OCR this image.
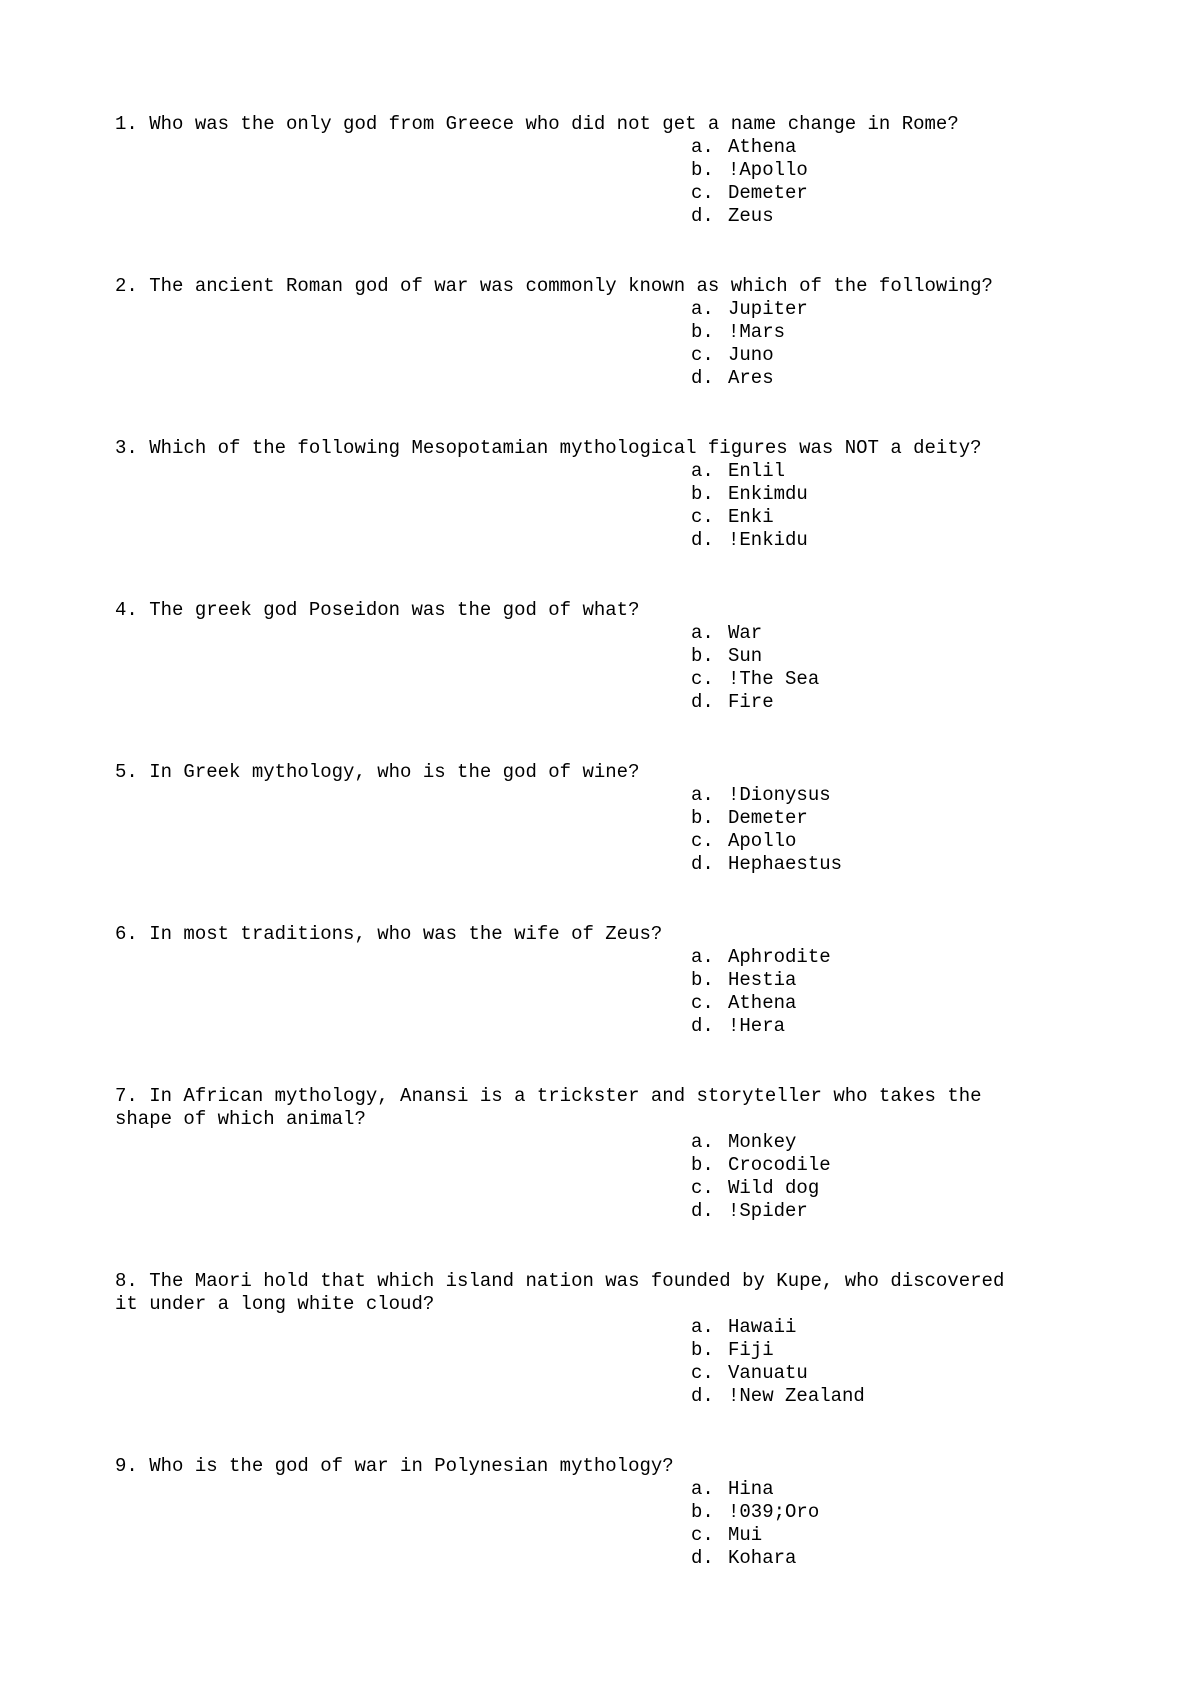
1. Who was the only god from Greece who did not get a name change in Rome?

a. Athena
b. !Apollo
c. Demeter
d. Zeus

2. The ancient Roman god of war was commonly known as which of the following?

a. Jupiter
b. !Mars
c. Juno
d. Ares

3. Which of the following Mesopotamian mythological figures was NOT a deity?

a. Enlil
b. Enkimdu
c. Enki
d. !Enkidu

4. The greek god Poseidon was the god of what?

a. War
b. Sun
c. !The Sea
d. Fire

5. In Greek mythology, who is the god of wine?

a. !Dionysus
b. Demeter
c. Apollo
d. Hephaestus

6. In most traditions, who was the wife of Zeus?

a. Aphrodite
b. Hestia
c. Athena
d. !Hera

7. In African mythology, Anansi is a trickster and storyteller who takes the
shape of which animal?

a. Monkey
b. Crocodile
c. Wild dog
d. !Spider

8. The Maori hold that which island nation was founded by Kupe, who discovered
it under a long white cloud?

a. Hawaii
b. Fiji
c. Vanuatu
d. !New Zealand

9. Who is the god of war in Polynesian mythology?

a. Hina
b. !039;Oro
c. Mui
d. Kohara
